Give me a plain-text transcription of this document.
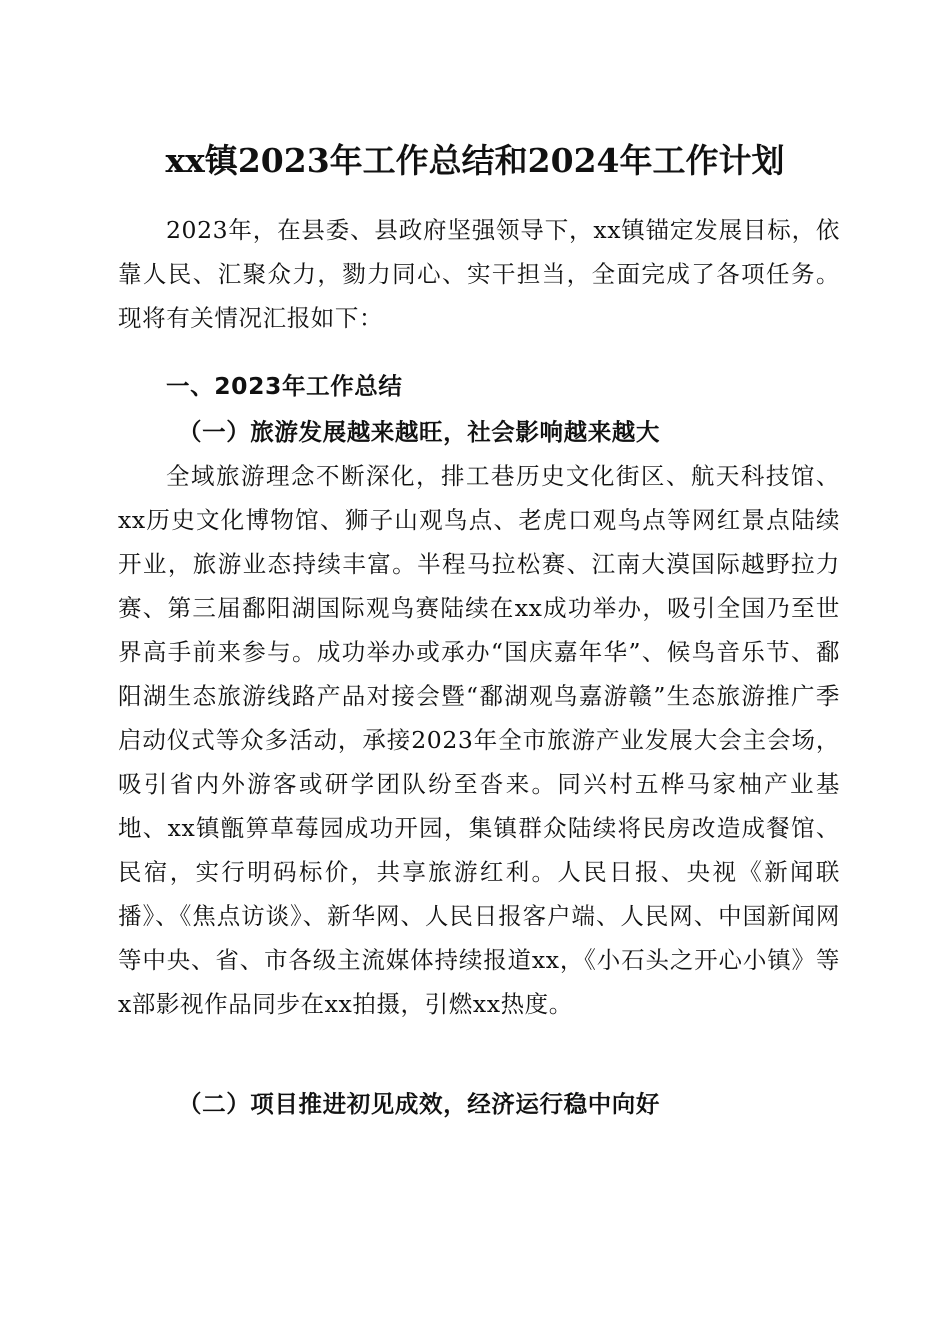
xx镇2023年工作总结和2024年工作计划

2023年，在县委、县政府坚强领导下，xx镇锚定发展目标，依靠人民、汇聚众力，勠力同心、实干担当，全面完成了各项任务。现将有关情况汇报如下：

一、2023年工作总结
（一）旅游发展越来越旺，社会影响越来越大

全域旅游理念不断深化，排工巷历史文化街区、航天科技馆、xx历史文化博物馆、狮子山观鸟点、老虎口观鸟点等网红景点陆续开业，旅游业态持续丰富。半程马拉松赛、江南大漠国际越野拉力赛、第三届鄱阳湖国际观鸟赛陆续在xx成功举办，吸引全国乃至世界高手前来参与。成功举办或承办“国庆嘉年华”、候鸟音乐节、鄱阳湖生态旅游线路产品对接会暨“鄱湖观鸟嘉游赣”生态旅游推广季启动仪式等众多活动，承接2023年全市旅游产业发展大会主会场，吸引省内外游客或研学团队纷至沓来。同兴村五桦马家柚产业基地、xx镇甑箅草莓园成功开园，集镇群众陆续将民房改造成餐馆、民宿，实行明码标价，共享旅游红利。人民日报、央视《新闻联播》、《焦点访谈》、新华网、人民日报客户端、人民网、中国新闻网等中央、省、市各级主流媒体持续报道xx，《小石头之开心小镇》等x部影视作品同步在xx拍摄，引燃xx热度。

（二）项目推进初见成效，经济运行稳中向好
